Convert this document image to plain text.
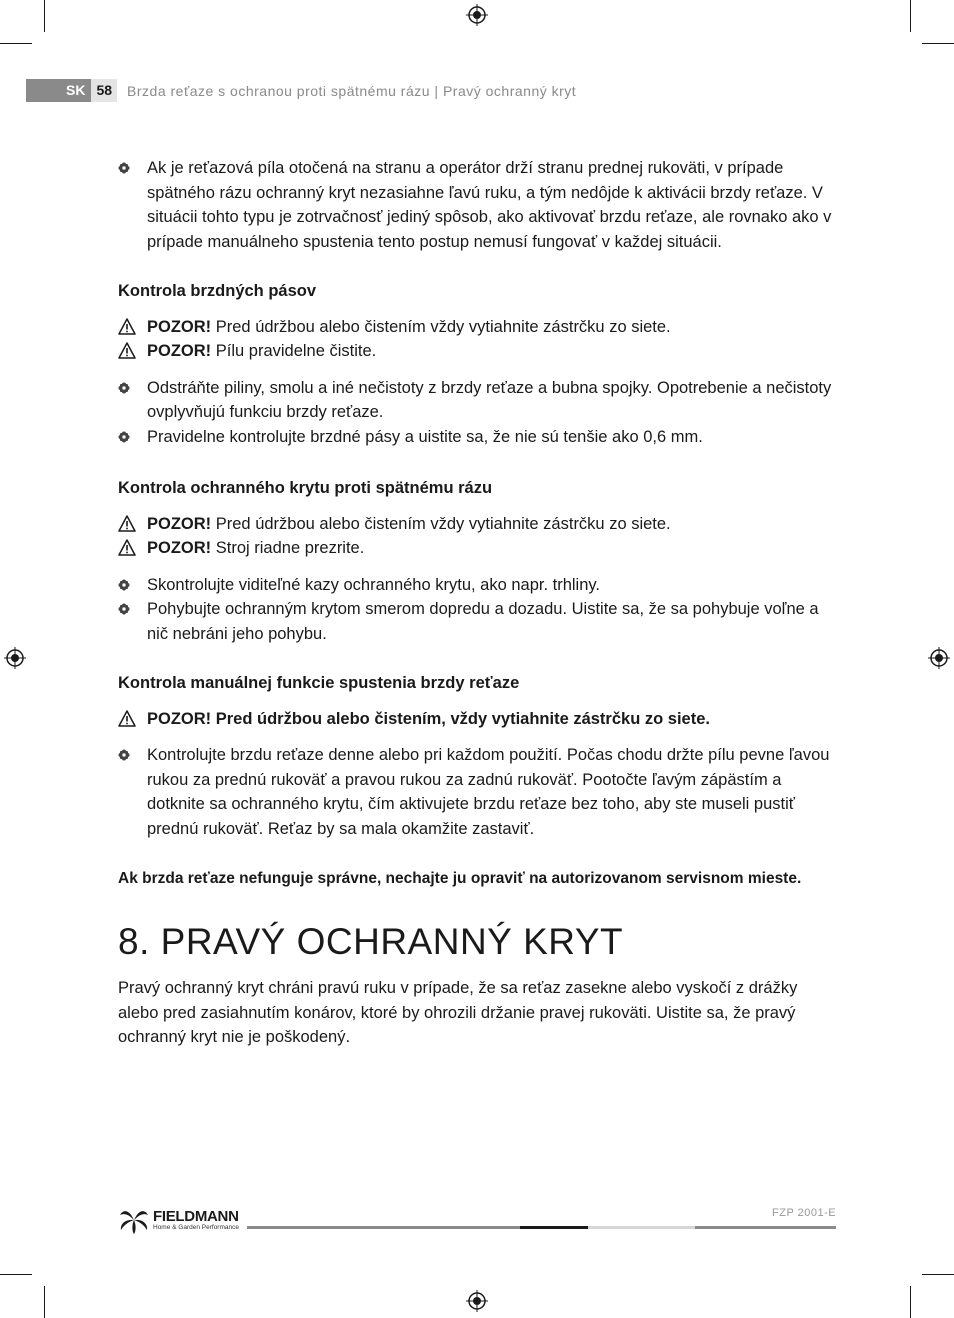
SK 58	Brzda reťaze s ochranou proti spätnému rázu | Pravý ochranný kryt
Ak je reťazová píla otočená na stranu a operátor drží stranu prednej rukoväti, v prípade spätného rázu ochranný kryt nezasiahne ľavú ruku, a tým nedôjde k aktivácii brzdy reťaze. V situácii tohto typu je zotrvačnosť jediný spôsob, ako aktivovať brzdu reťaze, ale rovnako ako v prípade manuálneho spustenia tento postup nemusí fungovať v každej situácii.
Kontrola brzdných pásov
POZOR! Pred údržbou alebo čistením vždy vytiahnite zástrčku zo siete.
POZOR! Pílu pravidelne čistite.
Odstráňte piliny, smolu a iné nečistoty z brzdy reťaze a bubna spojky. Opotrebenie a nečistoty ovplyvňujú funkciu brzdy reťaze.
Pravidelne kontrolujte brzdné pásy a uistite sa, že nie sú tenšie ako 0,6 mm.
Kontrola ochranného krytu proti spätnému rázu
POZOR! Pred údržbou alebo čistením vždy vytiahnite zástrčku zo siete.
POZOR! Stroj riadne prezrite.
Skontrolujte viditeľné kazy ochranného krytu, ako napr. trhliny.
Pohybujte ochranným krytom smerom dopredu a dozadu. Uistite sa, že sa pohybuje voľne a nič nebráni jeho pohybu.
Kontrola manuálnej funkcie spustenia brzdy reťaze
POZOR! Pred údržbou alebo čistením, vždy vytiahnite zástrčku zo siete.
Kontrolujte brzdu reťaze denne alebo pri každom použití. Počas chodu držte pílu pevne ľavou rukou za prednú rukoväť a pravou rukou za zadnú rukoväť. Pootočte ľavým zápästím a dotknite sa ochranného krytu, čím aktivujete brzdu reťaze bez toho, aby ste museli pustiť prednú rukoväť. Reťaz by sa mala okamžite zastaviť.
Ak brzda reťaze nefunguje správne, nechajte ju opraviť na autorizovanom servisnom mieste.
8. PRAVÝ OCHRANNÝ KRYT
Pravý ochranný kryt chráni pravú ruku v prípade, že sa reťaz zasekne alebo vyskočí z drážky alebo pred zasiahnutím konárov, ktoré by ohrozili držanie pravej rukoväti. Uistite sa, že pravý ochranný kryt nie je poškodený.
FIELDMANN
Home & Garden Performance
FZP 2001-E
